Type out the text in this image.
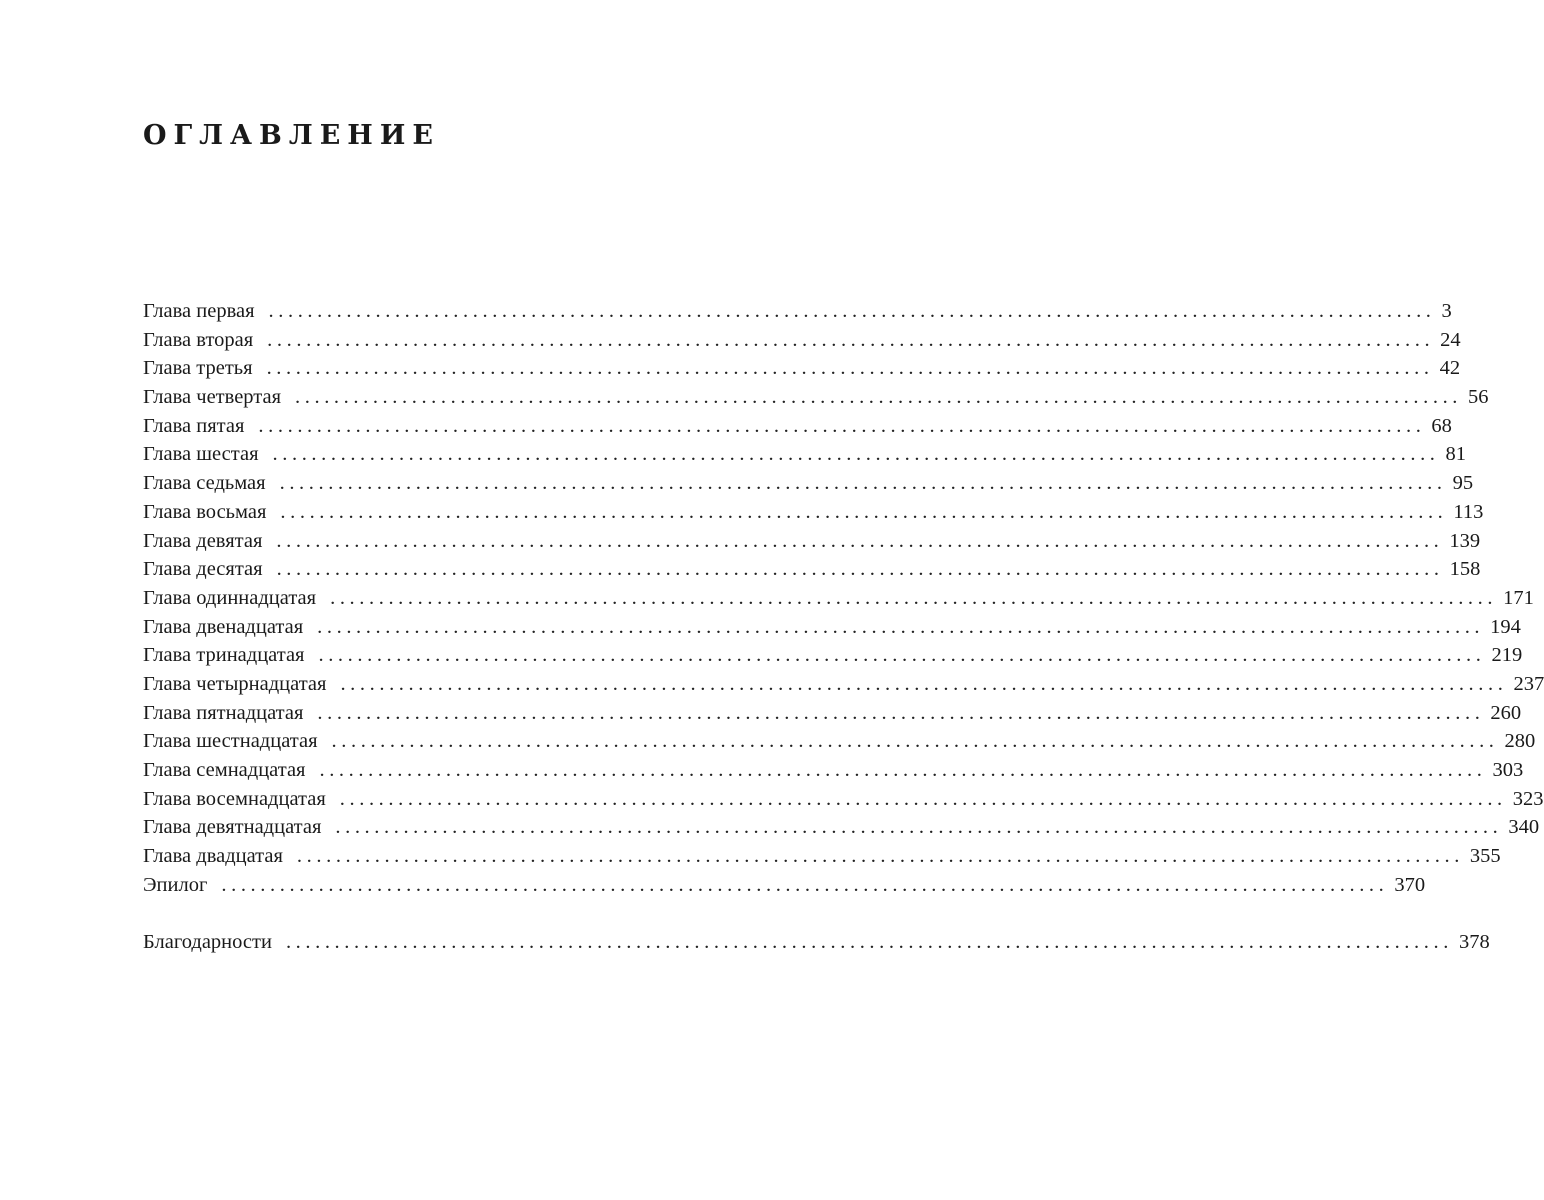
ОГЛАВЛЕНИЕ
Глава первая ........................................................................................................................ 3
Глава вторая ........................................................................................................................ 24
Глава третья ........................................................................................................................ 42
Глава четвертая ........................................................................................................................ 56
Глава пятая ........................................................................................................................ 68
Глава шестая ........................................................................................................................ 81
Глава седьмая ........................................................................................................................ 95
Глава восьмая ........................................................................................................................ 113
Глава девятая ........................................................................................................................ 139
Глава десятая ........................................................................................................................ 158
Глава одиннадцатая ........................................................................................................................ 171
Глава двенадцатая ........................................................................................................................ 194
Глава тринадцатая ........................................................................................................................ 219
Глава четырнадцатая ........................................................................................................................ 237
Глава пятнадцатая ........................................................................................................................ 260
Глава шестнадцатая ........................................................................................................................ 280
Глава семнадцатая ........................................................................................................................ 303
Глава восемнадцатая ........................................................................................................................ 323
Глава девятнадцатая ........................................................................................................................ 340
Глава двадцатая ........................................................................................................................ 355
Эпилог ........................................................................................................................ 370
Благодарности ........................................................................................................................ 378
